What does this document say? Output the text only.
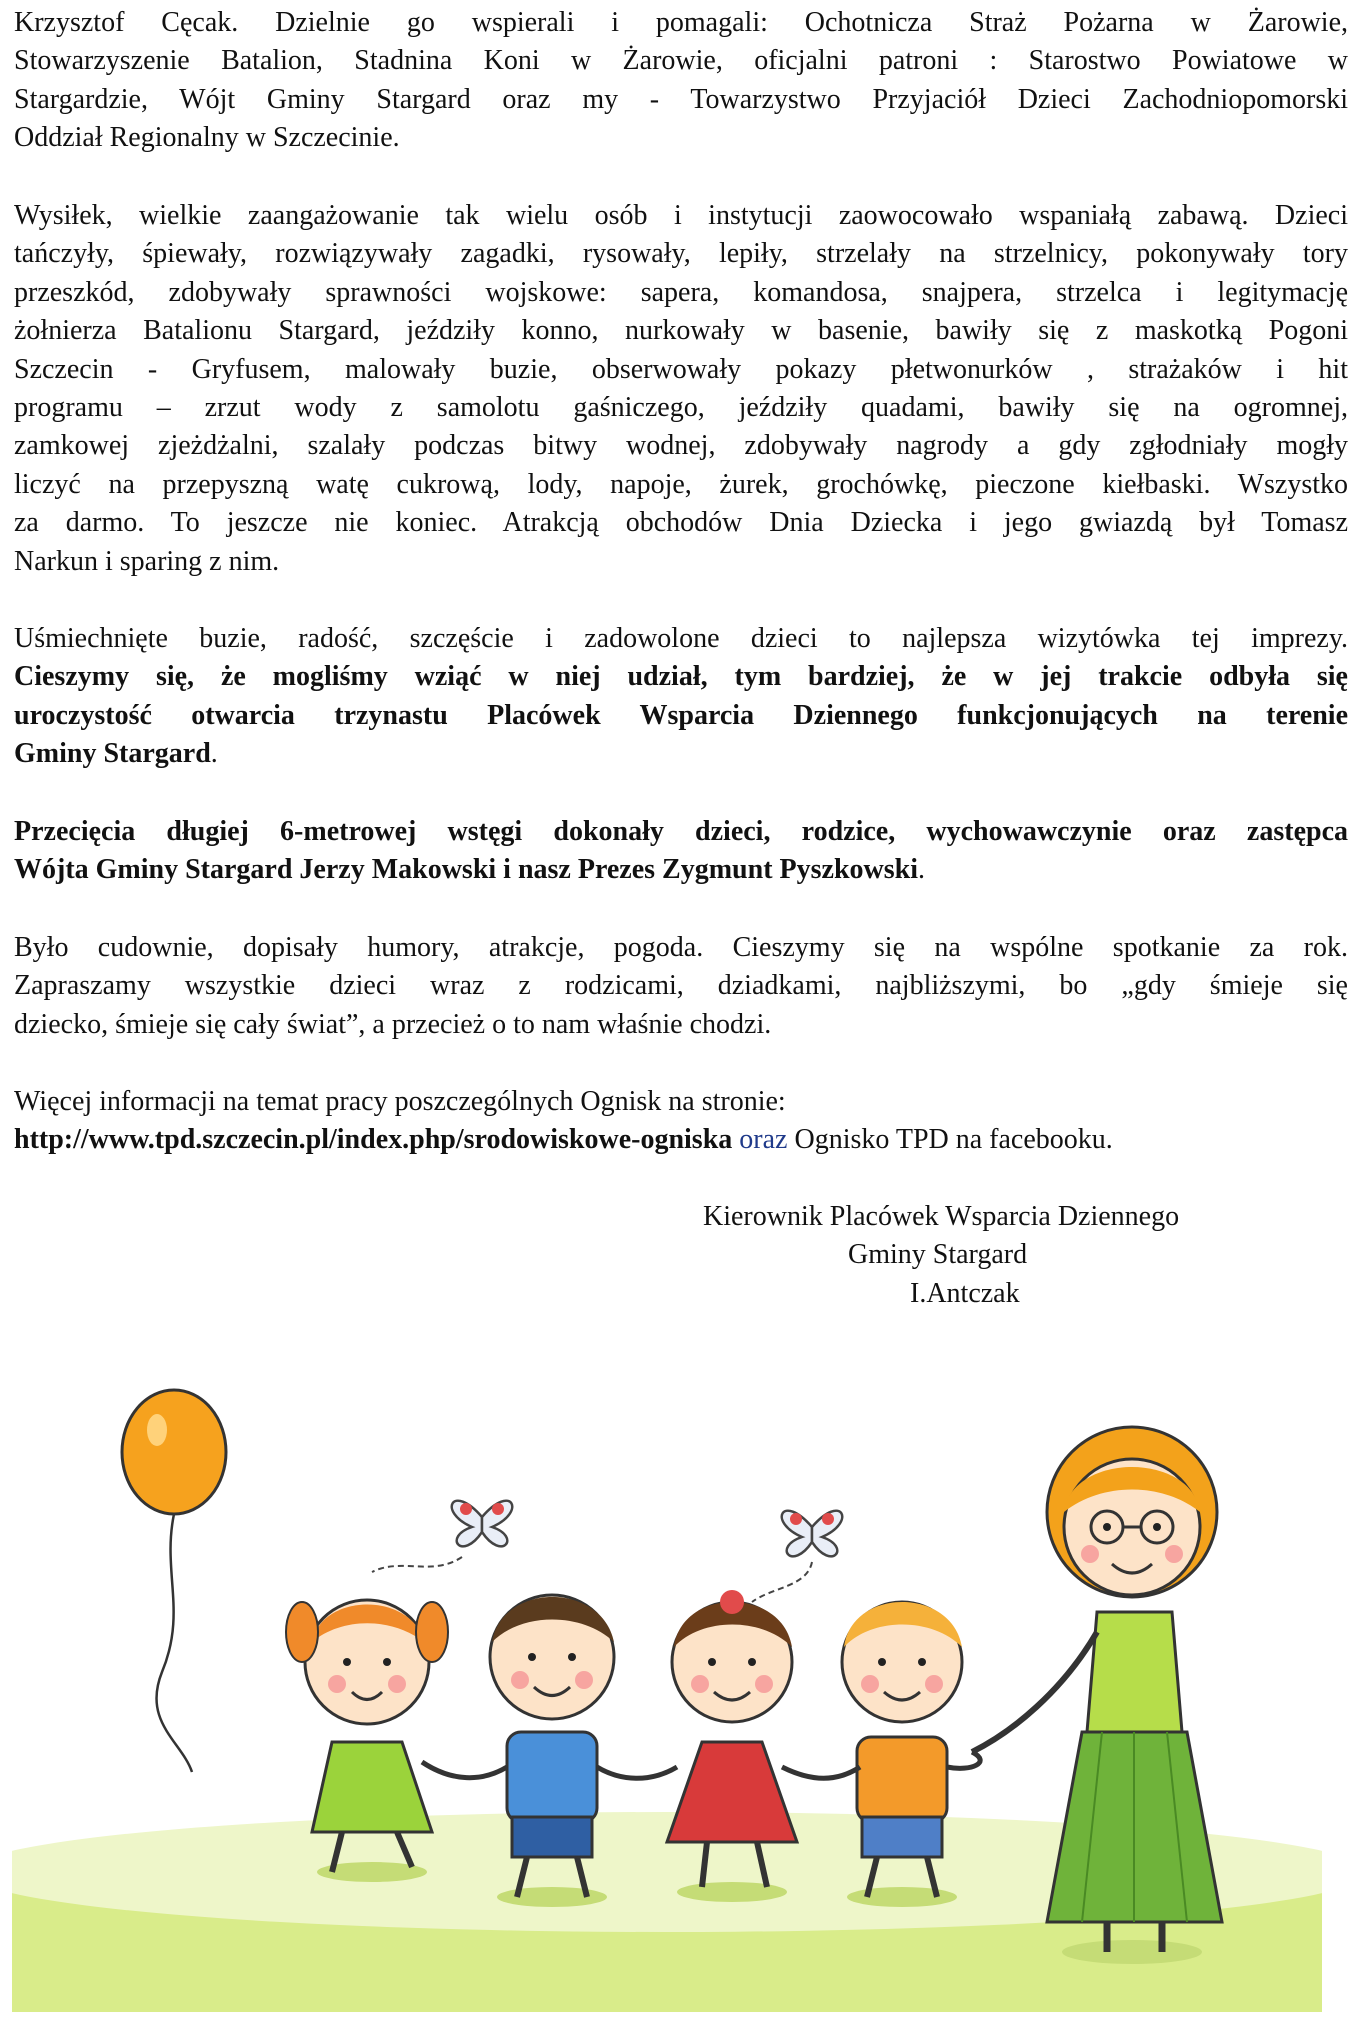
Krzysztof Cęcak. Dzielnie go wspierali i pomagali: Ochotnicza Straż Pożarna w Żarowie,

Stowarzyszenie Batalion, Stadnina Koni w Żarowie, oficjalni patroni : Starostwo Powiatowe w

Stargardzie, Wójt Gminy Stargard oraz my - Towarzystwo Przyjaciół Dzieci Zachodniopomorski

Oddział Regionalny w Szczecinie.

Wysiłek, wielkie zaangażowanie tak wielu osób i instytucji zaowocowało wspaniałą zabawą. Dzieci

tańczyły, śpiewały, rozwiązywały zagadki, rysowały, lepiły, strzelały na strzelnicy, pokonywały tory

przeszkód, zdobywały sprawności wojskowe: sapera, komandosa, snajpera, strzelca i legitymację

żołnierza Batalionu Stargard, jeździły konno, nurkowały w basenie, bawiły się z maskotką Pogoni

Szczecin - Gryfusem, malowały buzie, obserwowały pokazy płetwonurków , strażaków i hit

programu – zrzut wody z samolotu gaśniczego, jeździły quadami, bawiły się na ogromnej,

zamkowej zjeżdżalni, szalały podczas bitwy wodnej, zdobywały nagrody a gdy zgłodniały mogły

liczyć na przepyszną watę cukrową, lody, napoje, żurek, grochówkę, pieczone kiełbaski. Wszystko

za darmo. To jeszcze nie koniec. Atrakcją obchodów Dnia Dziecka i jego gwiazdą był Tomasz

Narkun i sparing z nim.

Uśmiechnięte buzie, radość, szczęście i zadowolone dzieci to najlepsza wizytówka tej imprezy.

Cieszymy się, że mogliśmy wziąć w niej udział, tym bardziej, że w jej trakcie odbyła się

uroczystość otwarcia trzynastu Placówek Wsparcia Dziennego funkcjonujących na terenie

Gminy Stargard.

Przecięcia długiej 6-metrowej wstęgi dokonały dzieci, rodzice, wychowawczynie oraz zastępca

Wójta Gminy Stargard Jerzy Makowski i nasz Prezes Zygmunt Pyszkowski.

Było cudownie, dopisały humory, atrakcje, pogoda. Cieszymy się na wspólne spotkanie za rok.

Zapraszamy wszystkie dzieci wraz z rodzicami, dziadkami, najbliższymi, bo „gdy śmieje się

dziecko, śmieje się cały świat”, a przecież o to nam właśnie chodzi.

Więcej informacji na temat pracy poszczególnych Ognisk na stronie:

http://www.tpd.szczecin.pl/index.php/srodowiskowe-ogniska oraz Ognisko TPD na facebooku.

Kierownik Placówek Wsparcia Dziennego
Gminy Stargard
I.Antczak
